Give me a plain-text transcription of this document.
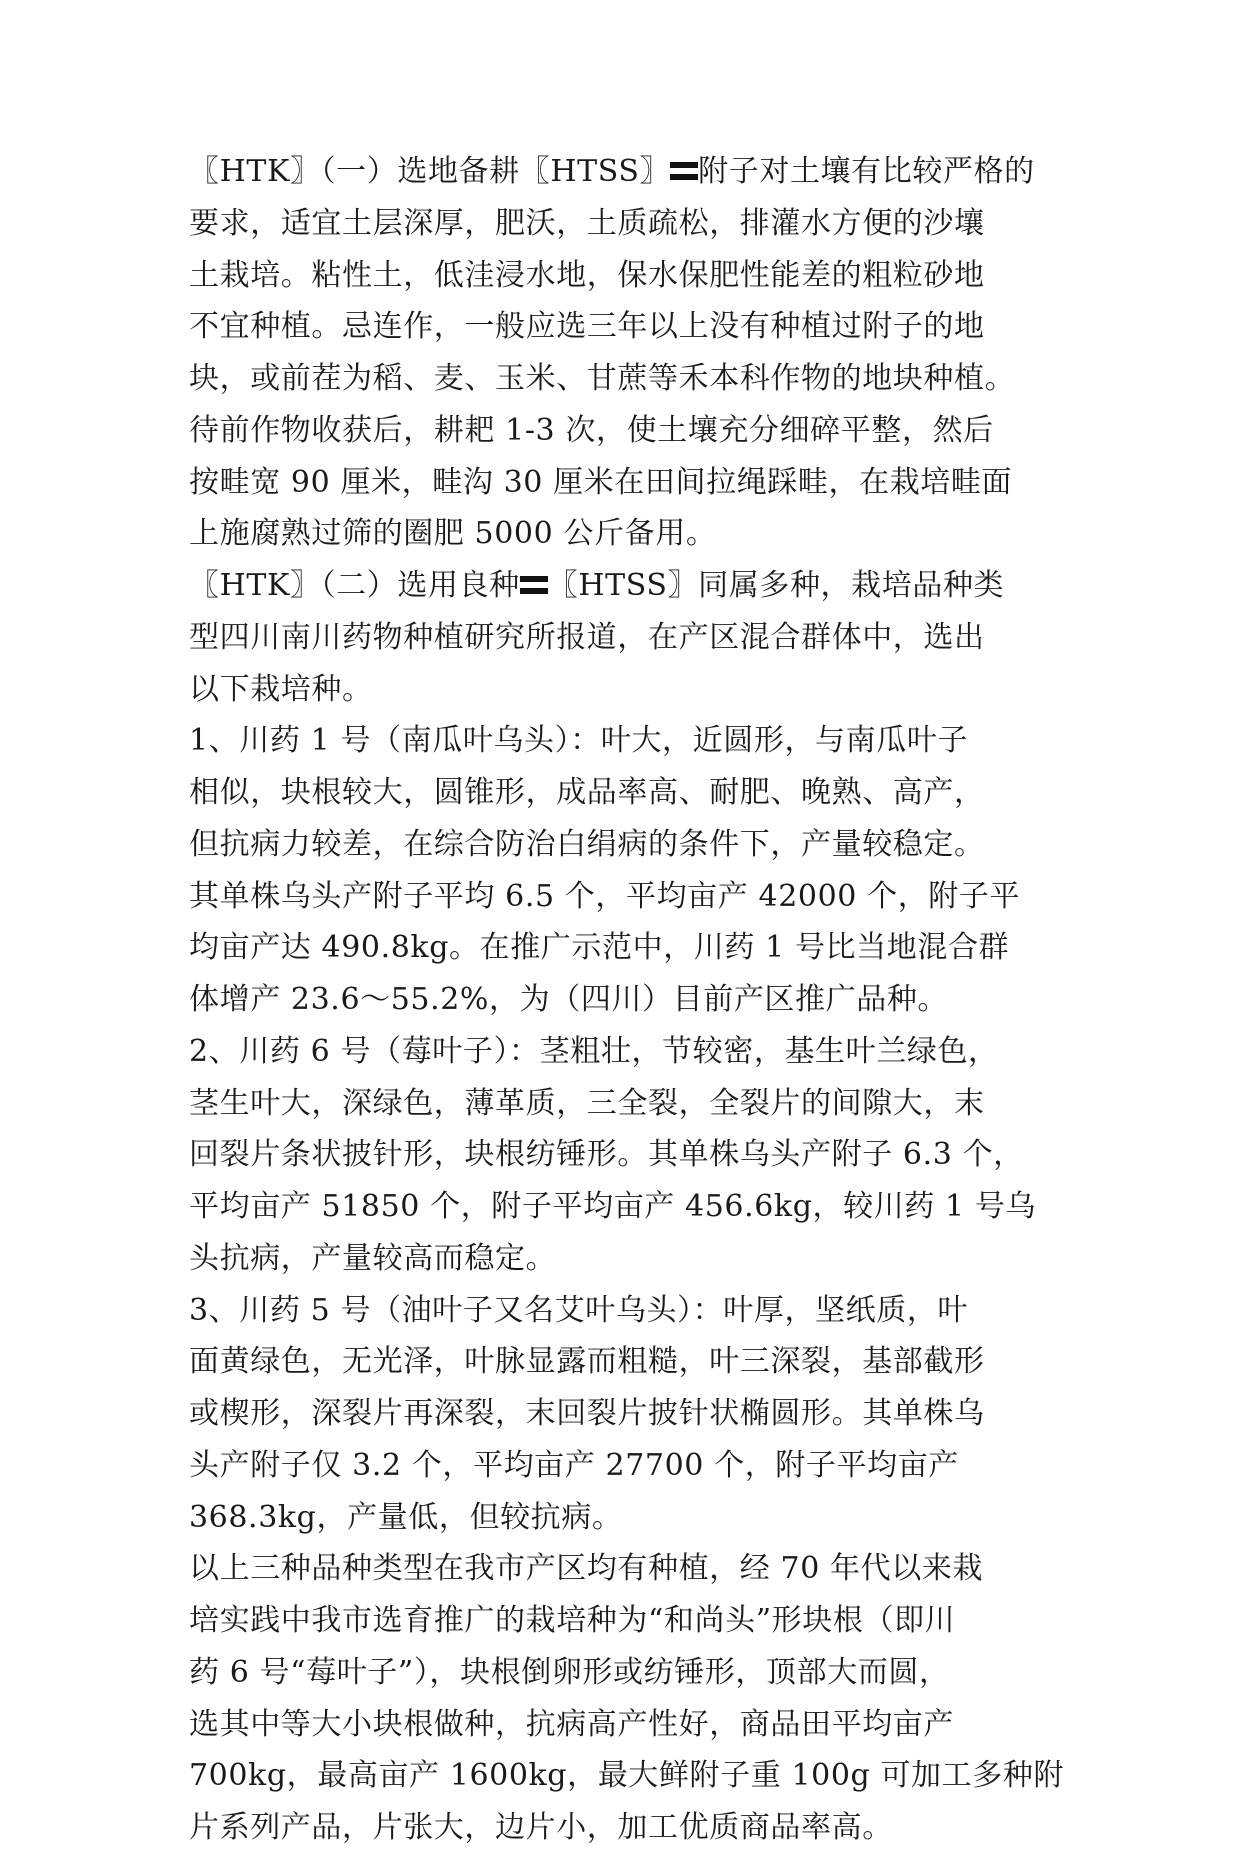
〖HTK〗（一）选地备耕〖HTSS〗 附子对土壤有比较严格的
要求，适宜土层深厚，肥沃，土质疏松，排灌水方便的沙壤
土栽培。粘性土，低洼浸水地，保水保肥性能差的粗粒砂地
不宜种植。忌连作，一般应选三年以上没有种植过附子的地
块，或前茬为稻、麦、玉米、甘蔗等禾本科作物的地块种植。
待前作物收获后，耕耙 1-3 次，使土壤充分细碎平整，然后
按畦宽 90 厘米，畦沟 30 厘米在田间拉绳踩畦，在栽培畦面
上施腐熟过筛的圈肥 5000 公斤备用。
〖HTK〗（二）选用良种 〖HTSS〗同属多种，栽培品种类
型四川南川药物种植研究所报道，在产区混合群体中，选出
以下栽培种。
1、川药 1 号（南瓜叶乌头）：叶大，近圆形，与南瓜叶子
相似，块根较大，圆锥形，成品率高、耐肥、晚熟、高产，
但抗病力较差，在综合防治白绢病的条件下，产量较稳定。
其单株乌头产附子平均 6.5 个，平均亩产 42000 个，附子平
均亩产达 490.8kg。在推广示范中，川药 1 号比当地混合群
体增产 23.6～55.2%，为（四川）目前产区推广品种。
2、川药 6 号（莓叶子）：茎粗壮，节较密，基生叶兰绿色，
茎生叶大，深绿色，薄革质，三全裂，全裂片的间隙大，末
回裂片条状披针形，块根纺锤形。其单株乌头产附子 6.3 个，
平均亩产 51850 个，附子平均亩产 456.6kg，较川药 1 号乌
头抗病，产量较高而稳定。
3、川药 5 号（油叶子又名艾叶乌头）：叶厚，坚纸质，叶
面黄绿色，无光泽，叶脉显露而粗糙，叶三深裂，基部截形
或楔形，深裂片再深裂，末回裂片披针状椭圆形。其单株乌
头产附子仅 3.2 个，平均亩产 27700 个，附子平均亩产
368.3kg，产量低，但较抗病。
以上三种品种类型在我市产区均有种植，经 70 年代以来栽
培实践中我市选育推广的栽培种为“和尚头”形块根（即川
药 6 号“莓叶子”），块根倒卵形或纺锤形，顶部大而圆，
选其中等大小块根做种，抗病高产性好，商品田平均亩产
700kg，最高亩产 1600kg，最大鲜附子重 100g 可加工多种附
片系列产品，片张大，边片小，加工优质商品率高。
